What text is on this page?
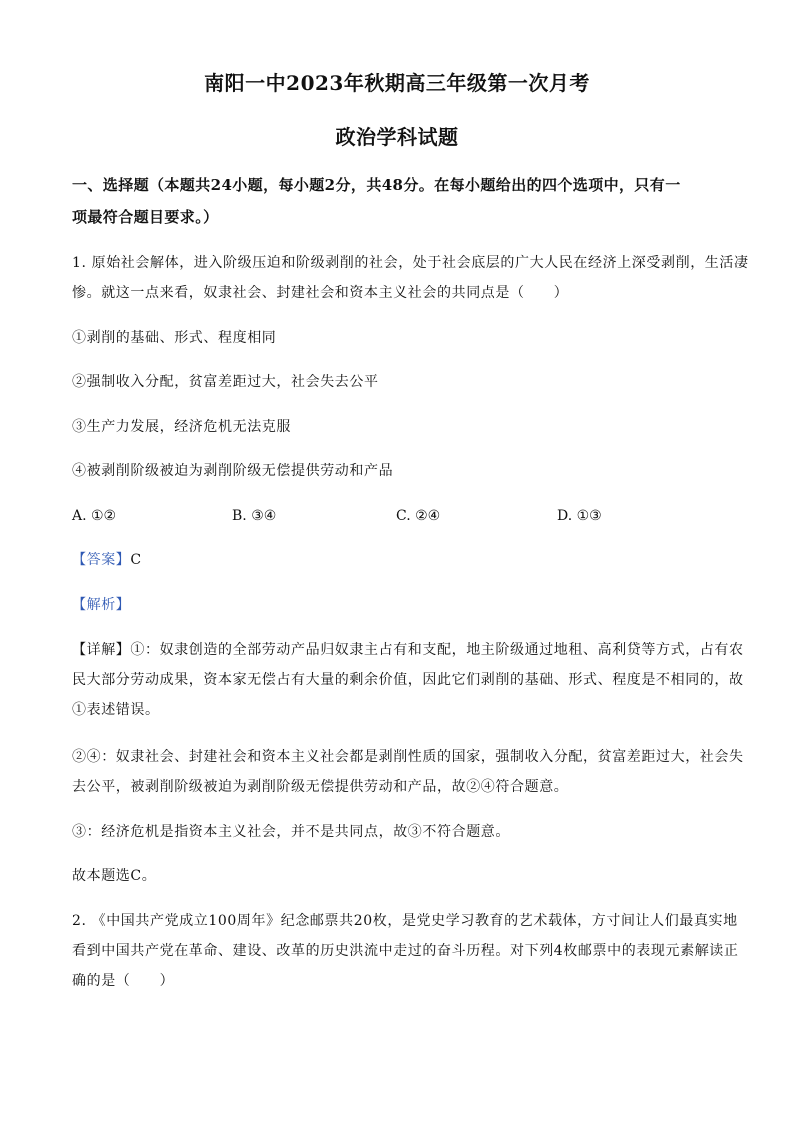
南阳一中2023年秋期高三年级第一次月考
政治学科试题
一、选择题（本题共24小题，每小题2分，共48分。在每小题给出的四个选项中，只有一
项最符合题目要求。）
1. 原始社会解体，进入阶级压迫和阶级剥削的社会，处于社会底层的广大人民在经济上深受剥削，生活凄
惨。就这一点来看，奴隶社会、封建社会和资本主义社会的共同点是（　　）
①剥削的基础、形式、程度相同
②强制收入分配，贫富差距过大，社会失去公平
③生产力发展，经济危机无法克服
④被剥削阶级被迫为剥削阶级无偿提供劳动和产品
A. ①②	B. ③④	C. ②④	D. ①③
【答案】C
【解析】
【详解】①：奴隶创造的全部劳动产品归奴隶主占有和支配，地主阶级通过地租、高利贷等方式，占有农
民大部分劳动成果，资本家无偿占有大量的剩余价值，因此它们剥削的基础、形式、程度是不相同的，故
①表述错误。
②④：奴隶社会、封建社会和资本主义社会都是剥削性质的国家，强制收入分配，贫富差距过大，社会失
去公平，被剥削阶级被迫为剥削阶级无偿提供劳动和产品，故②④符合题意。
③：经济危机是指资本主义社会，并不是共同点，故③不符合题意。
故本题选C。
2. 《中国共产党成立100周年》纪念邮票共20枚，是党史学习教育的艺术载体，方寸间让人们最真实地
看到中国共产党在革命、建设、改革的历史洪流中走过的奋斗历程。对下列4枚邮票中的表现元素解读正
确的是（　　）
